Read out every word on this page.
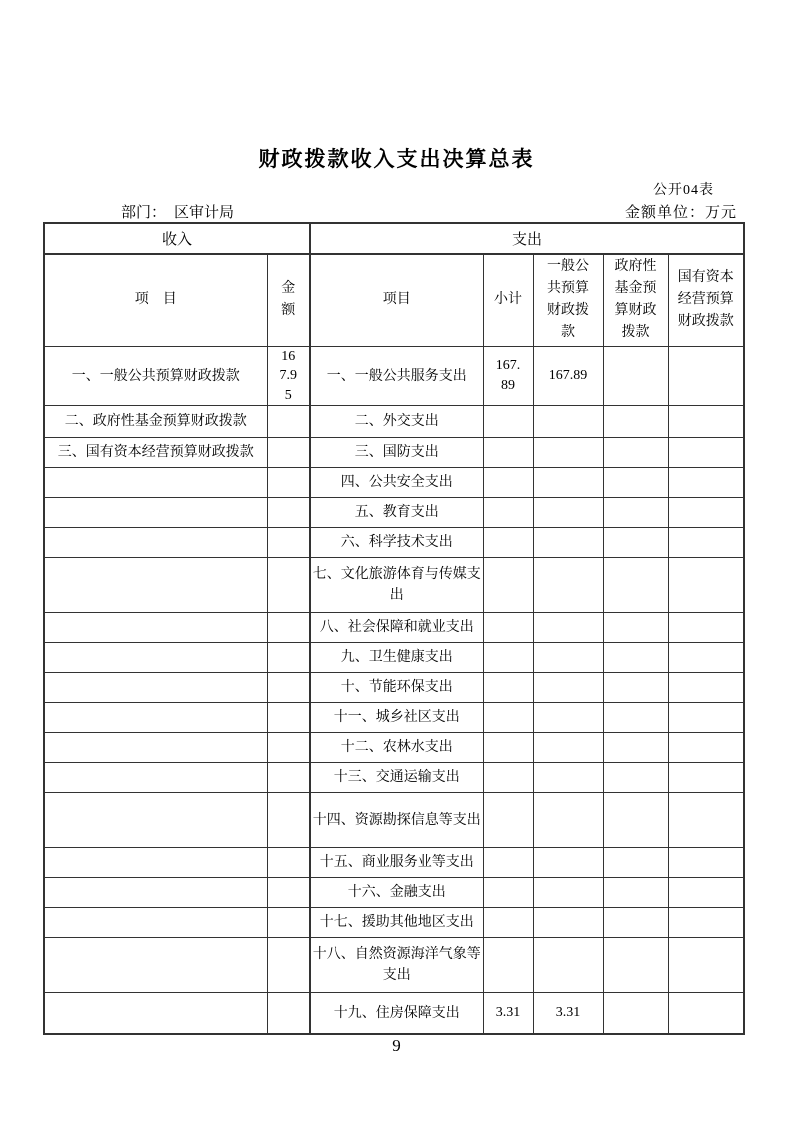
财政拨款收入支出决算总表
公开04表
部门： 区审计局	金额单位：万元
收入		支出				
项　目	金额	项目	小计	一般公共预算财政拨款	政府性基金预算财政拨款	国有资本经营预算财政拨款
一、一般公共预算财政拨款	167.95	一、一般公共服务支出	167.89	167.89		
二、政府性基金预算财政拨款		二、外交支出				
三、国有资本经营预算财政拨款		三、国防支出				
		四、公共安全支出				
		五、教育支出				
		六、科学技术支出				
		七、文化旅游体育与传媒支出				
		八、社会保障和就业支出				
		九、卫生健康支出				
		十、节能环保支出				
		十一、城乡社区支出				
		十二、农林水支出				
		十三、交通运输支出				
		十四、资源勘探信息等支出				
		十五、商业服务业等支出				
		十六、金融支出				
		十七、援助其他地区支出				
		十八、自然资源海洋气象等支出				
		十九、住房保障支出	3.31	3.31		
9
